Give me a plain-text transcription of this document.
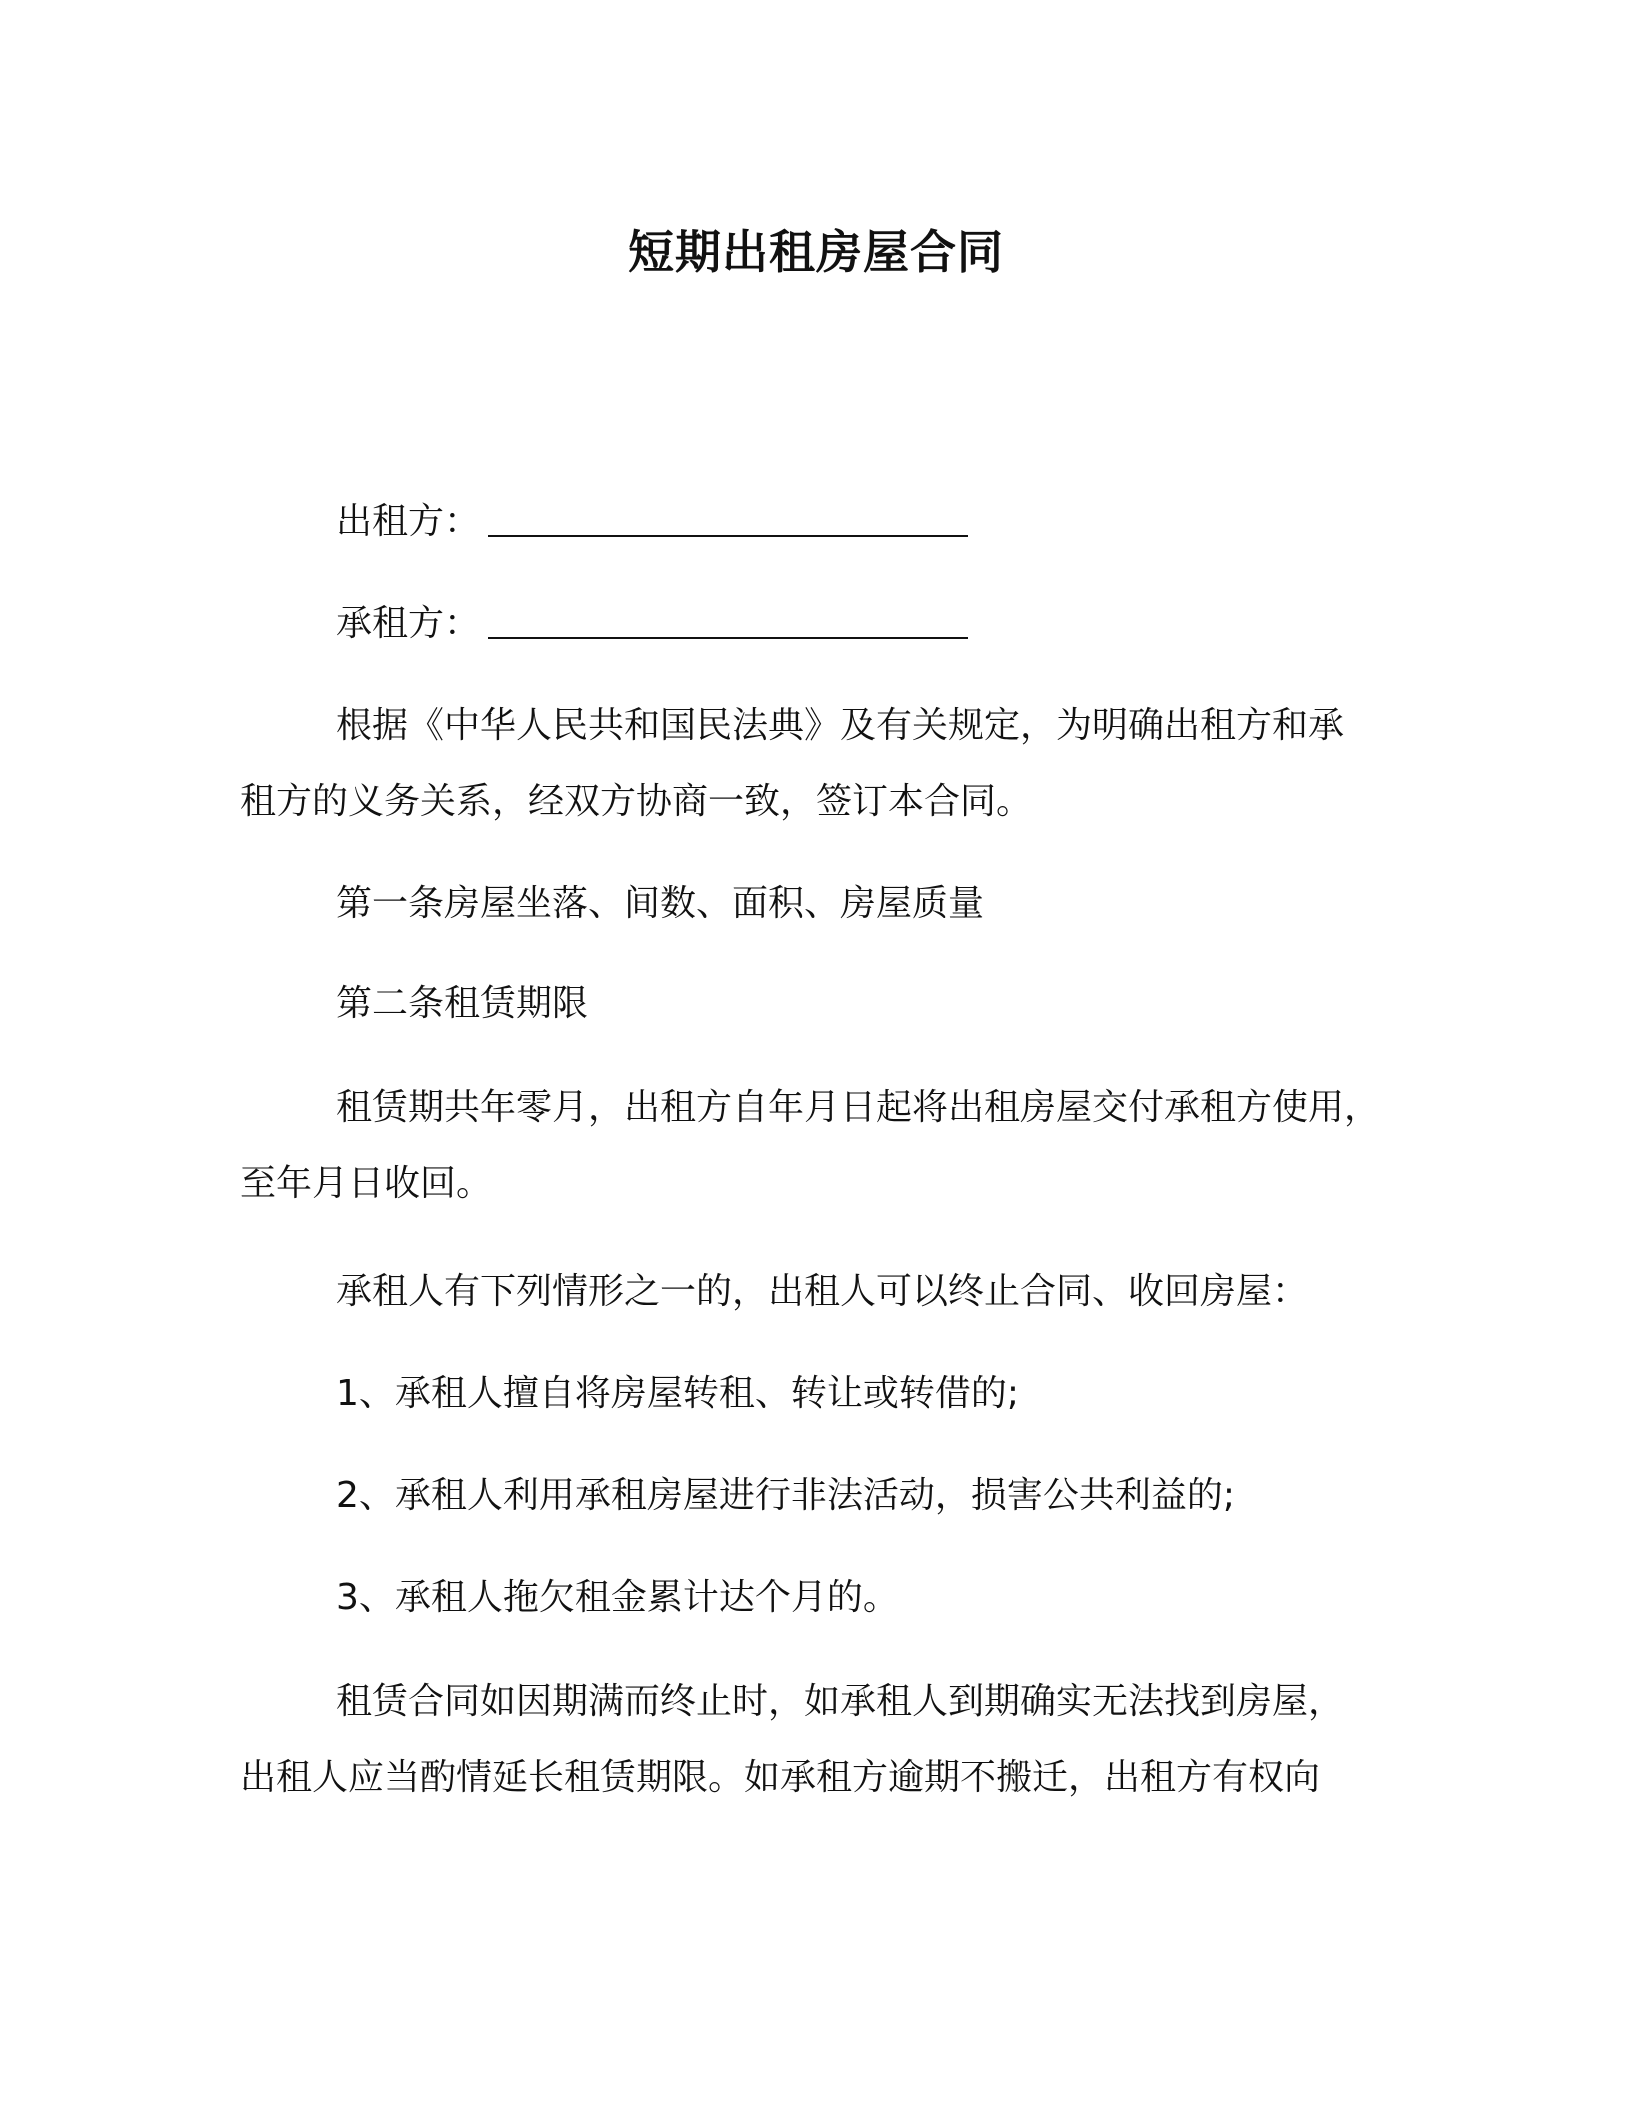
短期出租房屋合同
出租方：
承租方：
根据《中华人民共和国民法典》及有关规定，为明确出租方和承
租方的义务关系，经双方协商一致，签订本合同。
第一条房屋坐落、间数、面积、房屋质量
第二条租赁期限
租赁期共年零月，出租方自年月日起将出租房屋交付承租方使用，
至年月日收回。
承租人有下列情形之一的，出租人可以终止合同、收回房屋：
1、承租人擅自将房屋转租、转让或转借的;
2、承租人利用承租房屋进行非法活动，损害公共利益的;
3、承租人拖欠租金累计达个月的。
租赁合同如因期满而终止时，如承租人到期确实无法找到房屋，
出租人应当酌情延长租赁期限。如承租方逾期不搬迁，出租方有权向
